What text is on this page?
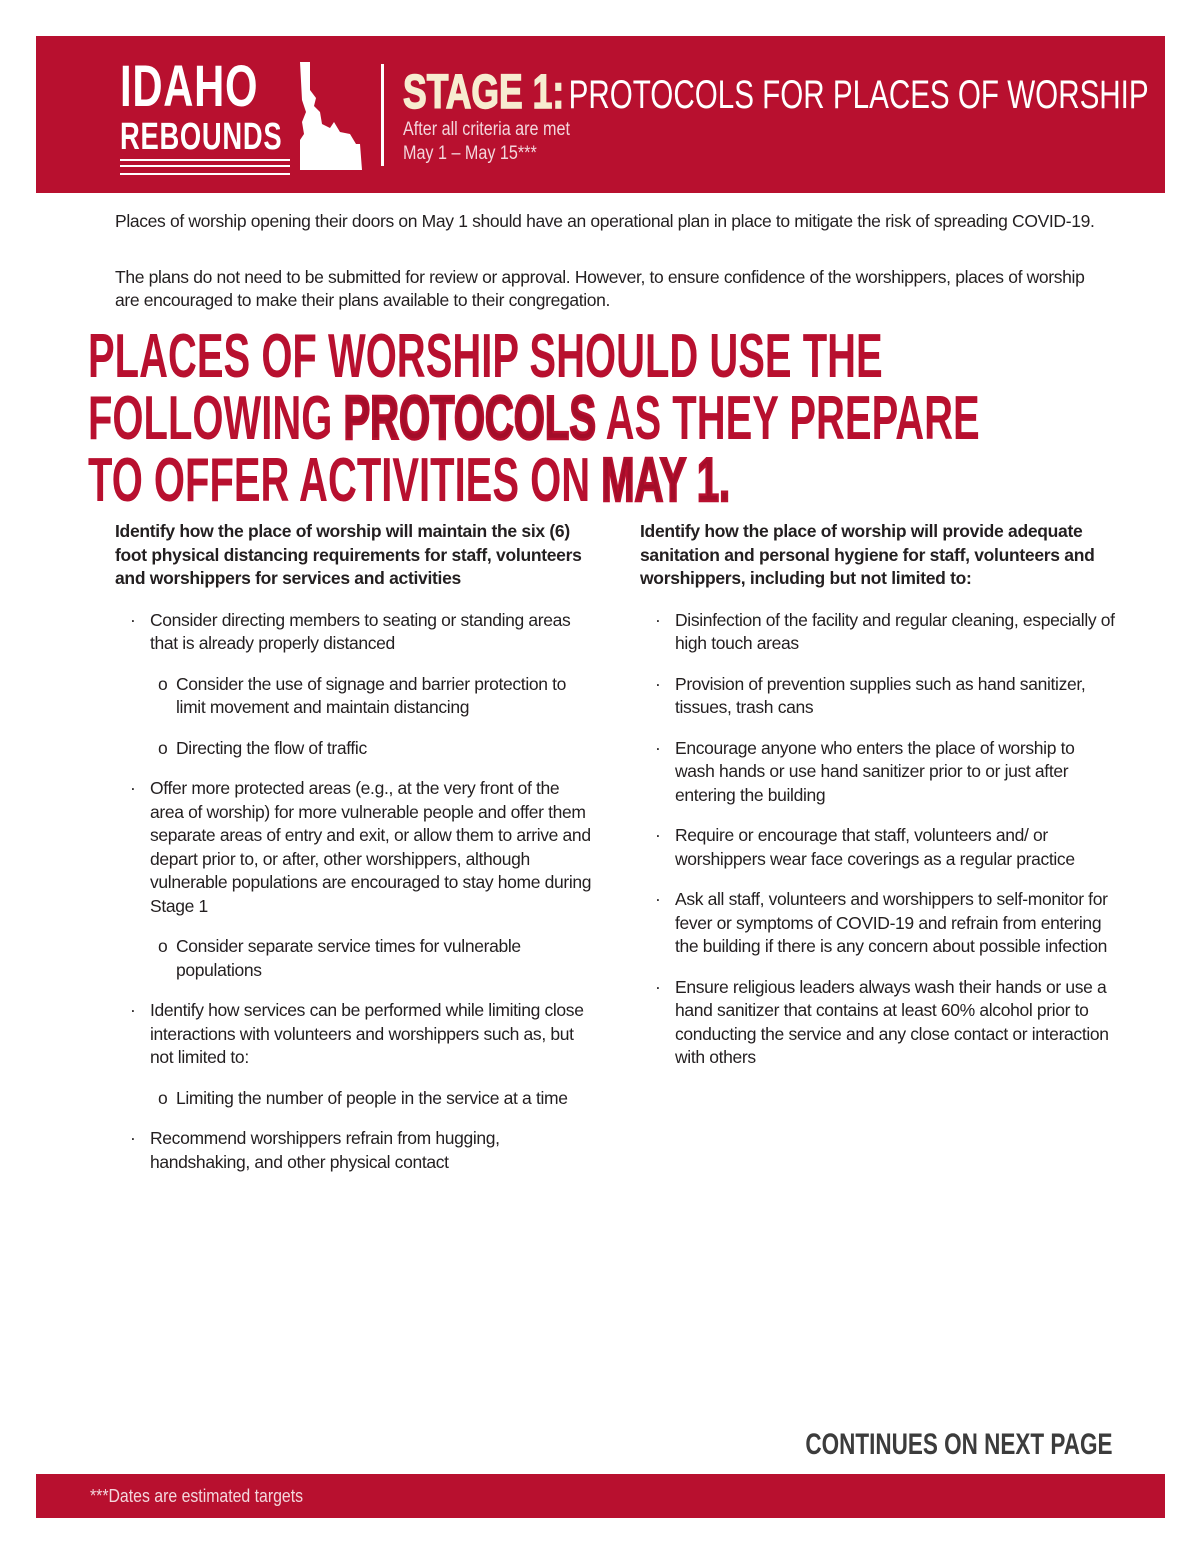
IDAHO
REBOUNDS
STAGE 1: PROTOCOLS FOR PLACES OF WORSHIP
After all criteria are met
May 1 – May 15***

Places of worship opening their doors on May 1 should have an operational plan in place to mitigate the risk of spreading COVID-19.

The plans do not need to be submitted for review or approval. However, to ensure confidence of the worshippers, places of worship are encouraged to make their plans available to their congregation.

PLACES OF WORSHIP SHOULD USE THE
FOLLOWING PROTOCOLS AS THEY PREPARE
TO OFFER ACTIVITIES ON MAY 1.
Identify how the place of worship will maintain the six (6) foot physical distancing requirements for staff, volunteers and worshippers for services and activities
· Consider directing members to seating or standing areas that is already properly distanced
o Consider the use of signage and barrier protection to limit movement and maintain distancing
o Directing the flow of traffic
· Offer more protected areas (e.g., at the very front of the area of worship) for more vulnerable people and offer them separate areas of entry and exit, or allow them to arrive and depart prior to, or after, other worshippers, although vulnerable populations are encouraged to stay home during Stage 1
o Consider separate service times for vulnerable populations
· Identify how services can be performed while limiting close interactions with volunteers and worshippers such as, but not limited to:
o Limiting the number of people in the service at a time
· Recommend worshippers refrain from hugging, handshaking, and other physical contact
Identify how the place of worship will provide adequate sanitation and personal hygiene for staff, volunteers and worshippers, including but not limited to:
· Disinfection of the facility and regular cleaning, especially of high touch areas
· Provision of prevention supplies such as hand sanitizer, tissues, trash cans
· Encourage anyone who enters the place of worship to wash hands or use hand sanitizer prior to or just after entering the building
· Require or encourage that staff, volunteers and/ or worshippers wear face coverings as a regular practice
· Ask all staff, volunteers and worshippers to self-monitor for fever or symptoms of COVID-19 and refrain from entering the building if there is any concern about possible infection
· Ensure religious leaders always wash their hands or use a hand sanitizer that contains at least 60% alcohol prior to conducting the service and any close contact or interaction with others
CONTINUES ON NEXT PAGE
***Dates are estimated targets
